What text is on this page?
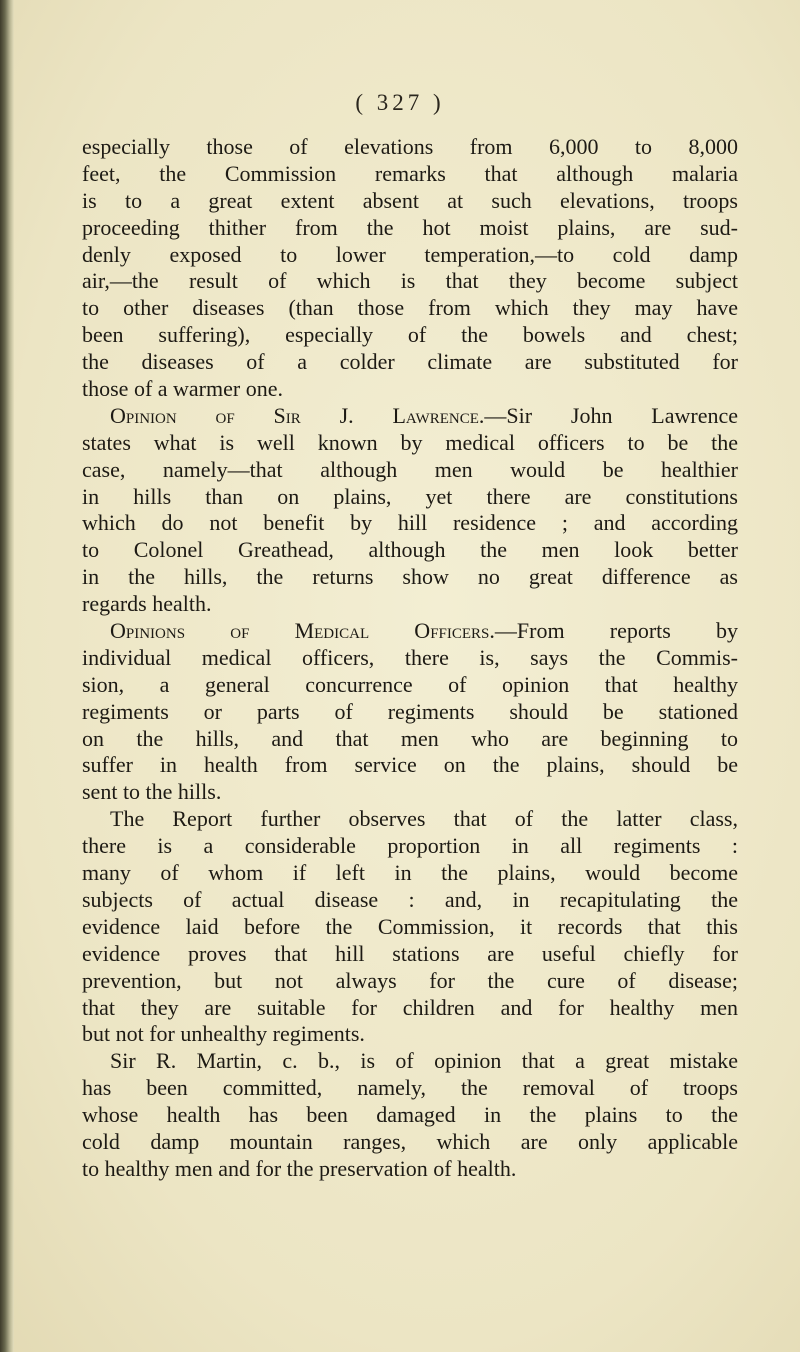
( 327 )
especially those of elevations from 6,000 to 8,000
feet, the Commission remarks that although malaria
is to a great extent absent at such elevations, troops
proceeding thither from the hot moist plains, are sud-
denly exposed to lower temperation,—to cold damp
air,—the result of which is that they become subject
to other diseases (than those from which they may have
been suffering), especially of the bowels and chest;
the diseases of a colder climate are substituted for
those of a warmer one.
Opinion of Sir J. Lawrence.—Sir John Lawrence
states what is well known by medical officers to be the
case, namely—that although men would be healthier
in hills than on plains, yet there are constitutions
which do not benefit by hill residence ; and according
to Colonel Greathead, although the men look better
in the hills, the returns show no great difference as
regards health.
Opinions of Medical Officers.—From reports by
individual medical officers, there is, says the Commis-
sion, a general concurrence of opinion that healthy
regiments or parts of regiments should be stationed
on the hills, and that men who are beginning to
suffer in health from service on the plains, should be
sent to the hills.
The Report further observes that of the latter class,
there is a considerable proportion in all regiments :
many of whom if left in the plains, would become
subjects of actual disease : and, in recapitulating the
evidence laid before the Commission, it records that this
evidence proves that hill stations are useful chiefly for
prevention, but not always for the cure of disease;
that they are suitable for children and for healthy men
but not for unhealthy regiments.
Sir R. Martin, c. b., is of opinion that a great mistake
has been committed, namely, the removal of troops
whose health has been damaged in the plains to the
cold damp mountain ranges, which are only applicable
to healthy men and for the preservation of health.
